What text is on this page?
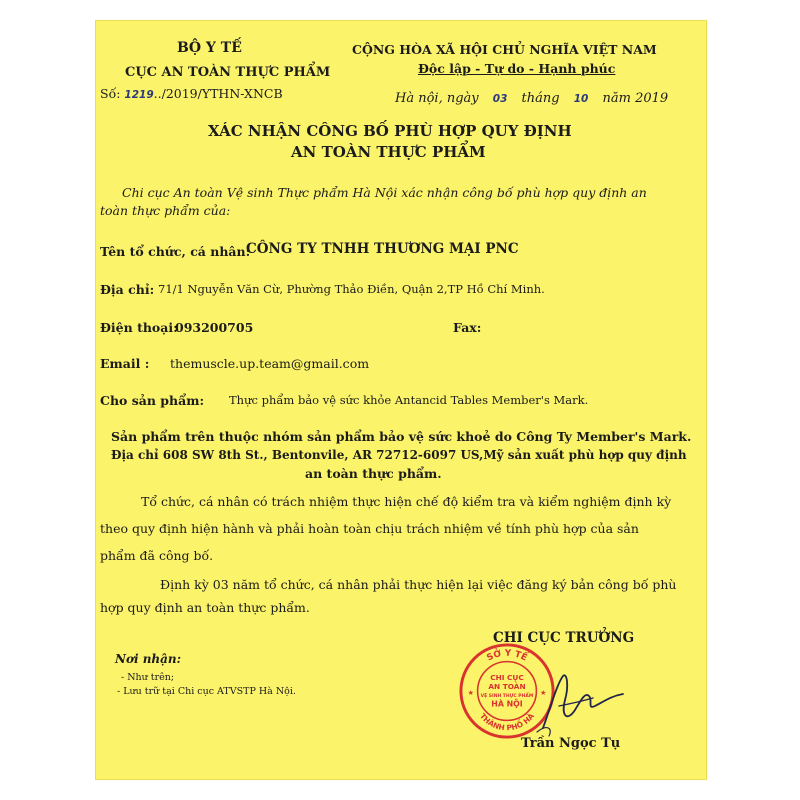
BỘ Y TẾ
CỤC AN TOÀN THỰC PHẨM
Số: 1219../2019/YTHN-XNCB
CỘNG HÒA XÃ HỘI CHỦ NGHĨA VIỆT NAM
Độc lập - Tự do - Hạnh phúc
Hà nội, ngày 03 tháng 10 năm 2019
XÁC NHẬN CÔNG BỐ PHÙ HỢP QUY ĐỊNH
AN TOÀN THỰC PHẨM
Chi cục An toàn Vệ sinh Thực phẩm Hà Nội xác nhận công bố phù hợp quy định an
toàn thực phẩm của:
Tên tổ chức, cá nhân:
CÔNG TY TNHH THƯƠNG MẠI PNC
Địa chỉ: 71/1 Nguyễn Văn Cừ, Phường Thảo Điền, Quận 2,TP Hồ Chí Minh.
Điện thoại:
093200705	Fax:
Email : themuscle.up.team@gmail.com
Cho sản phẩm: Thực phẩm bảo vệ sức khỏe Antancid Tables Member's Mark.
Sản phẩm trên thuộc nhóm sản phẩm bảo vệ sức khoẻ do Công Ty Member's Mark.
Địa chỉ 608 SW 8th St., Bentonvile, AR 72712-6097 US,Mỹ sản xuất phù hợp quy định
an toàn thực phẩm.
Tổ chức, cá nhân có trách nhiệm thực hiện chế độ kiểm tra và kiểm nghiệm định kỳ
theo quy định hiện hành và phải hoàn toàn chịu trách nhiệm về tính phù hợp của sản
phẩm đã công bố.
Định kỳ 03 năm tổ chức, cá nhân phải thực hiện lại việc đăng ký bản công bố phù
hợp quy định an toàn thực phẩm.
CHI CỤC TRƯỞNG
Nơi nhận:
- Như trên;
- Lưu trữ tại Chi cục ATVSTP Hà Nội.
SỞ Y TẾ
THÀNH PHỐ HÀ
CHI CỤC
AN TOÀN
VỆ SINH THỰC PHẨM
HÀ NỘI
★	★
Trần Ngọc Tụ
